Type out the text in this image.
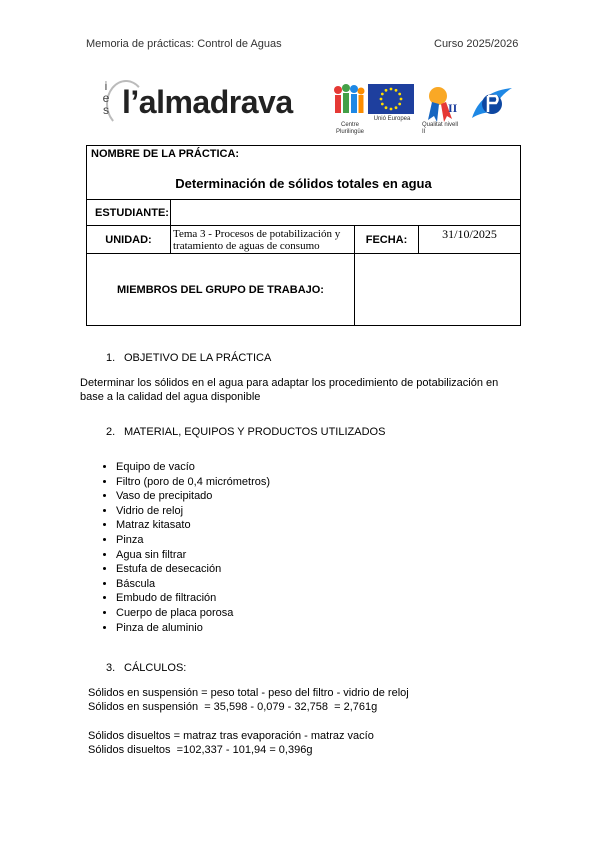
Memoria de prácticas: Control de Aguas	Curso 2025/2026
i
e
s l’almadrava
Centre Plurilingüe
Unió Europea
II
Qualitat nivell II
NOMBRE DE LA PRÁCTICA:
Determinación de sólidos totales en agua			

ESTUDIANTE:			
UNIDAD:	Tema 3 - Procesos de potabilización y tratamiento de aguas de consumo	FECHA:	31/10/2025
MIEMBROS DEL GRUPO DE TRABAJO:			
1. OBJETIVO DE LA PRÁCTICA
Determinar los sólidos en el agua para adaptar los procedimiento de potabilización en base a la calidad del agua disponible
2. MATERIAL, EQUIPOS Y PRODUCTOS UTILIZADOS
• Equipo de vacío
• Filtro (poro de 0,4 micrómetros)
• Vaso de precipitado
• Vidrio de reloj
• Matraz kitasato
• Pinza
• Agua sin filtrar
• Estufa de desecación
• Báscula
• Embudo de filtración
• Cuerpo de placa porosa
• Pinza de aluminio
3. CÁLCULOS:
Sólidos en suspensión = peso total - peso del filtro - vidrio de reloj
Sólidos en suspensión  = 35,598 - 0,079 - 32,758  = 2,761g
Sólidos disueltos = matraz tras evaporación - matraz vacío
Sólidos disueltos  =102,337 - 101,94 = 0,396g
